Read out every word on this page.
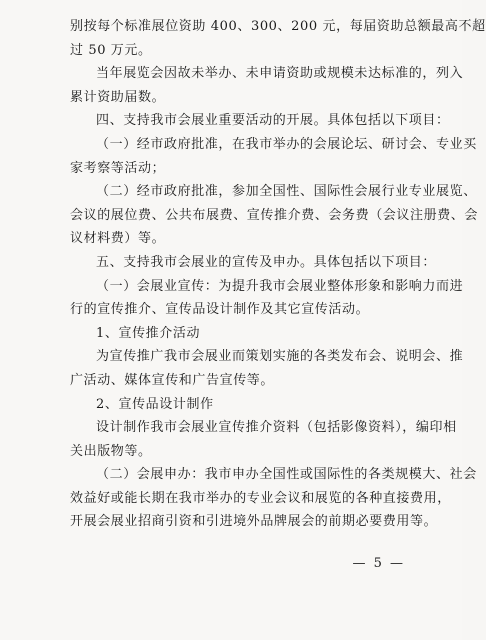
别按每个标准展位资助 400、300、200 元，每届资助总额最高不超
过 50 万元。
当年展览会因故未举办、未申请资助或规模未达标准的，列入
累计资助届数。
四、支持我市会展业重要活动的开展。具体包括以下项目：
（一）经市政府批准，在我市举办的会展论坛、研讨会、专业买
家考察等活动；
（二）经市政府批准，参加全国性、国际性会展行业专业展览、
会议的展位费、公共布展费、宣传推介费、会务费（会议注册费、会
议材料费）等。
五、支持我市会展业的宣传及申办。具体包括以下项目：
（一）会展业宣传：为提升我市会展业整体形象和影响力而进
行的宣传推介、宣传品设计制作及其它宣传活动。
1、宣传推介活动
为宣传推广我市会展业而策划实施的各类发布会、说明会、推
广活动、媒体宣传和广告宣传等。
2、宣传品设计制作
设计制作我市会展业宣传推介资料（包括影像资料），编印相
关出版物等。
（二）会展申办：我市申办全国性或国际性的各类规模大、社会
效益好或能长期在我市举办的专业会议和展览的各种直接费用，
开展会展业招商引资和引进境外品牌展会的前期必要费用等。
— 5 —
